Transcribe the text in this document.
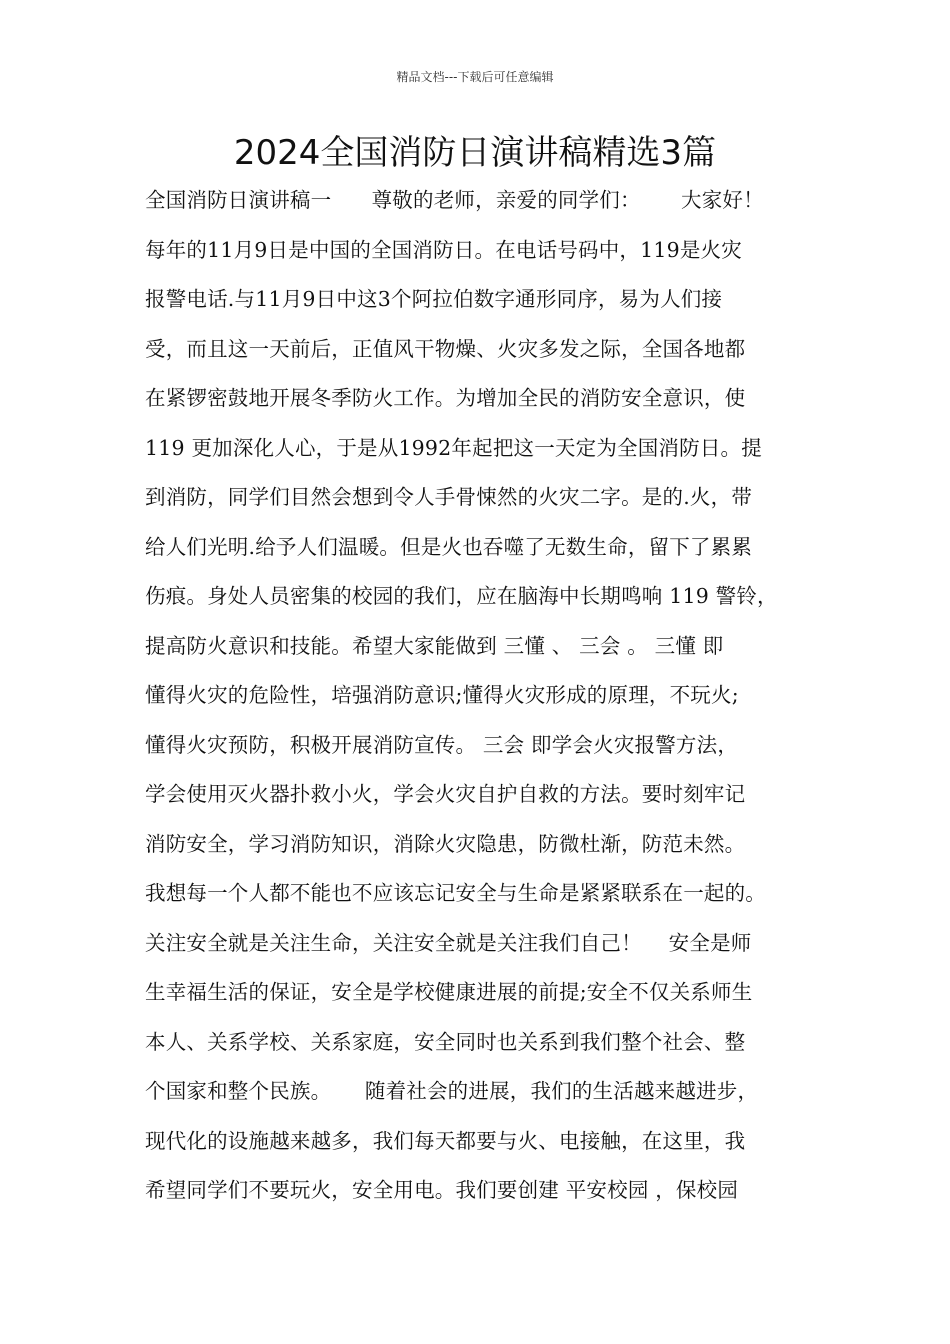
精品文档---下载后可任意编辑
2024全国消防日演讲稿精选3篇
全国消防日演讲稿一      尊敬的老师，亲爱的同学们：      大家好！
每年的11月9日是中国的全国消防日。在电话号码中，119是火灾
报警电话.与11月9日中这3个阿拉伯数字通形同序，易为人们接
受，而且这一天前后，正值风干物燥、火灾多发之际，全国各地都
在紧锣密鼓地开展冬季防火工作。为增加全民的消防安全意识，使
119 更加深化人心，于是从1992年起把这一天定为全国消防日。提
到消防，同学们目然会想到令人手骨悚然的火灾二字。是的.火，带
给人们光明.给予人们温暖。但是火也吞噬了无数生命，留下了累累
伤痕。身处人员密集的校园的我们，应在脑海中长期鸣响 119 警铃，
提高防火意识和技能。希望大家能做到 三懂 、 三会 。 三懂 即
懂得火灾的危险性，培强消防意识;懂得火灾形成的原理，不玩火;
懂得火灾预防，积极开展消防宣传。 三会 即学会火灾报警方法，
学会使用灭火器扑救小火，学会火灾自护自救的方法。要时刻牢记
消防安全，学习消防知识，消除火灾隐患，防微杜渐，防范未然。
我想每一个人都不能也不应该忘记安全与生命是紧紧联系在一起的。
关注安全就是关注生命，关注安全就是关注我们自己！    安全是师
生幸福生活的保证，安全是学校健康进展的前提;安全不仅关系师生
本人、关系学校、关系家庭，安全同时也关系到我们整个社会、整
个国家和整个民族。     随着社会的进展，我们的生活越来越进步，
现代化的设施越来越多，我们每天都要与火、电接触，在这里，我
希望同学们不要玩火，安全用电。我们要创建 平安校园 ，保校园
